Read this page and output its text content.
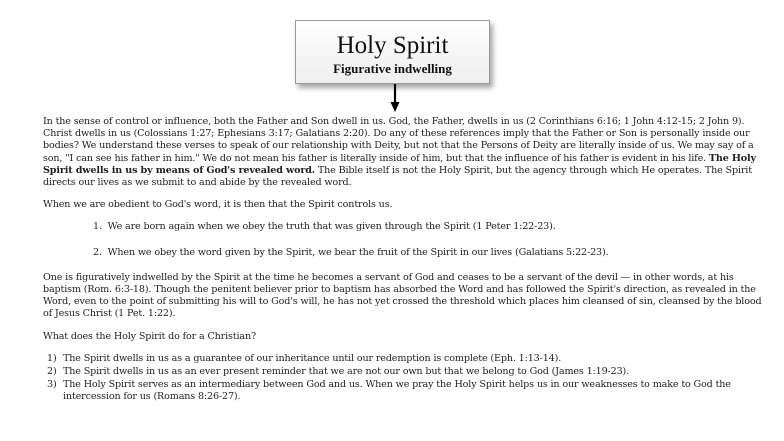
Holy Spirit
Figurative indwelling

In the sense of control or influence, both the Father and Son dwell in us. God, the Father, dwells in us (2 Corinthians 6:16; 1 John 4:12-15; 2 John 9). Christ dwells in us (Colossians 1:27; Ephesians 3:17; Galatians 2:20). Do any of these references imply that the Father or Son is personally inside our bodies? We understand these verses to speak of our relationship with Deity, but not that the Persons of Deity are literally inside of us. We may say of a son, "I can see his father in him." We do not mean his father is literally inside of him, but that the influence of his father is evident in his life. The Holy Spirit dwells in us by means of God's revealed word. The Bible itself is not the Holy Spirit, but the agency through which He operates. The Spirit directs our lives as we submit to and abide by the revealed word.

When we are obedient to God's word, it is then that the Spirit controls us.

1. We are born again when we obey the truth that was given through the Spirit (1 Peter 1:22-23).
2. When we obey the word given by the Spirit, we bear the fruit of the Spirit in our lives (Galatians 5:22-23).

One is figuratively indwelled by the Spirit at the time he becomes a servant of God and ceases to be a servant of the devil — in other words, at his baptism (Rom. 6:3-18). Though the penitent believer prior to baptism has absorbed the Word and has followed the Spirit's direction, as revealed in the Word, even to the point of submitting his will to God's will, he has not yet crossed the threshold which places him cleansed of sin, cleansed by the blood of Jesus Christ (1 Pet. 1:22).

What does the Holy Spirit do for a Christian?

1) The Spirit dwells in us as a guarantee of our inheritance until our redemption is complete (Eph. 1:13-14).
2) The Spirit dwells in us as an ever present reminder that we are not our own but that we belong to God (James 1:19-23).
3) The Holy Spirit serves as an intermediary between God and us. When we pray the Holy Spirit helps us in our weaknesses to make to God the intercession for us (Romans 8:26-27).
